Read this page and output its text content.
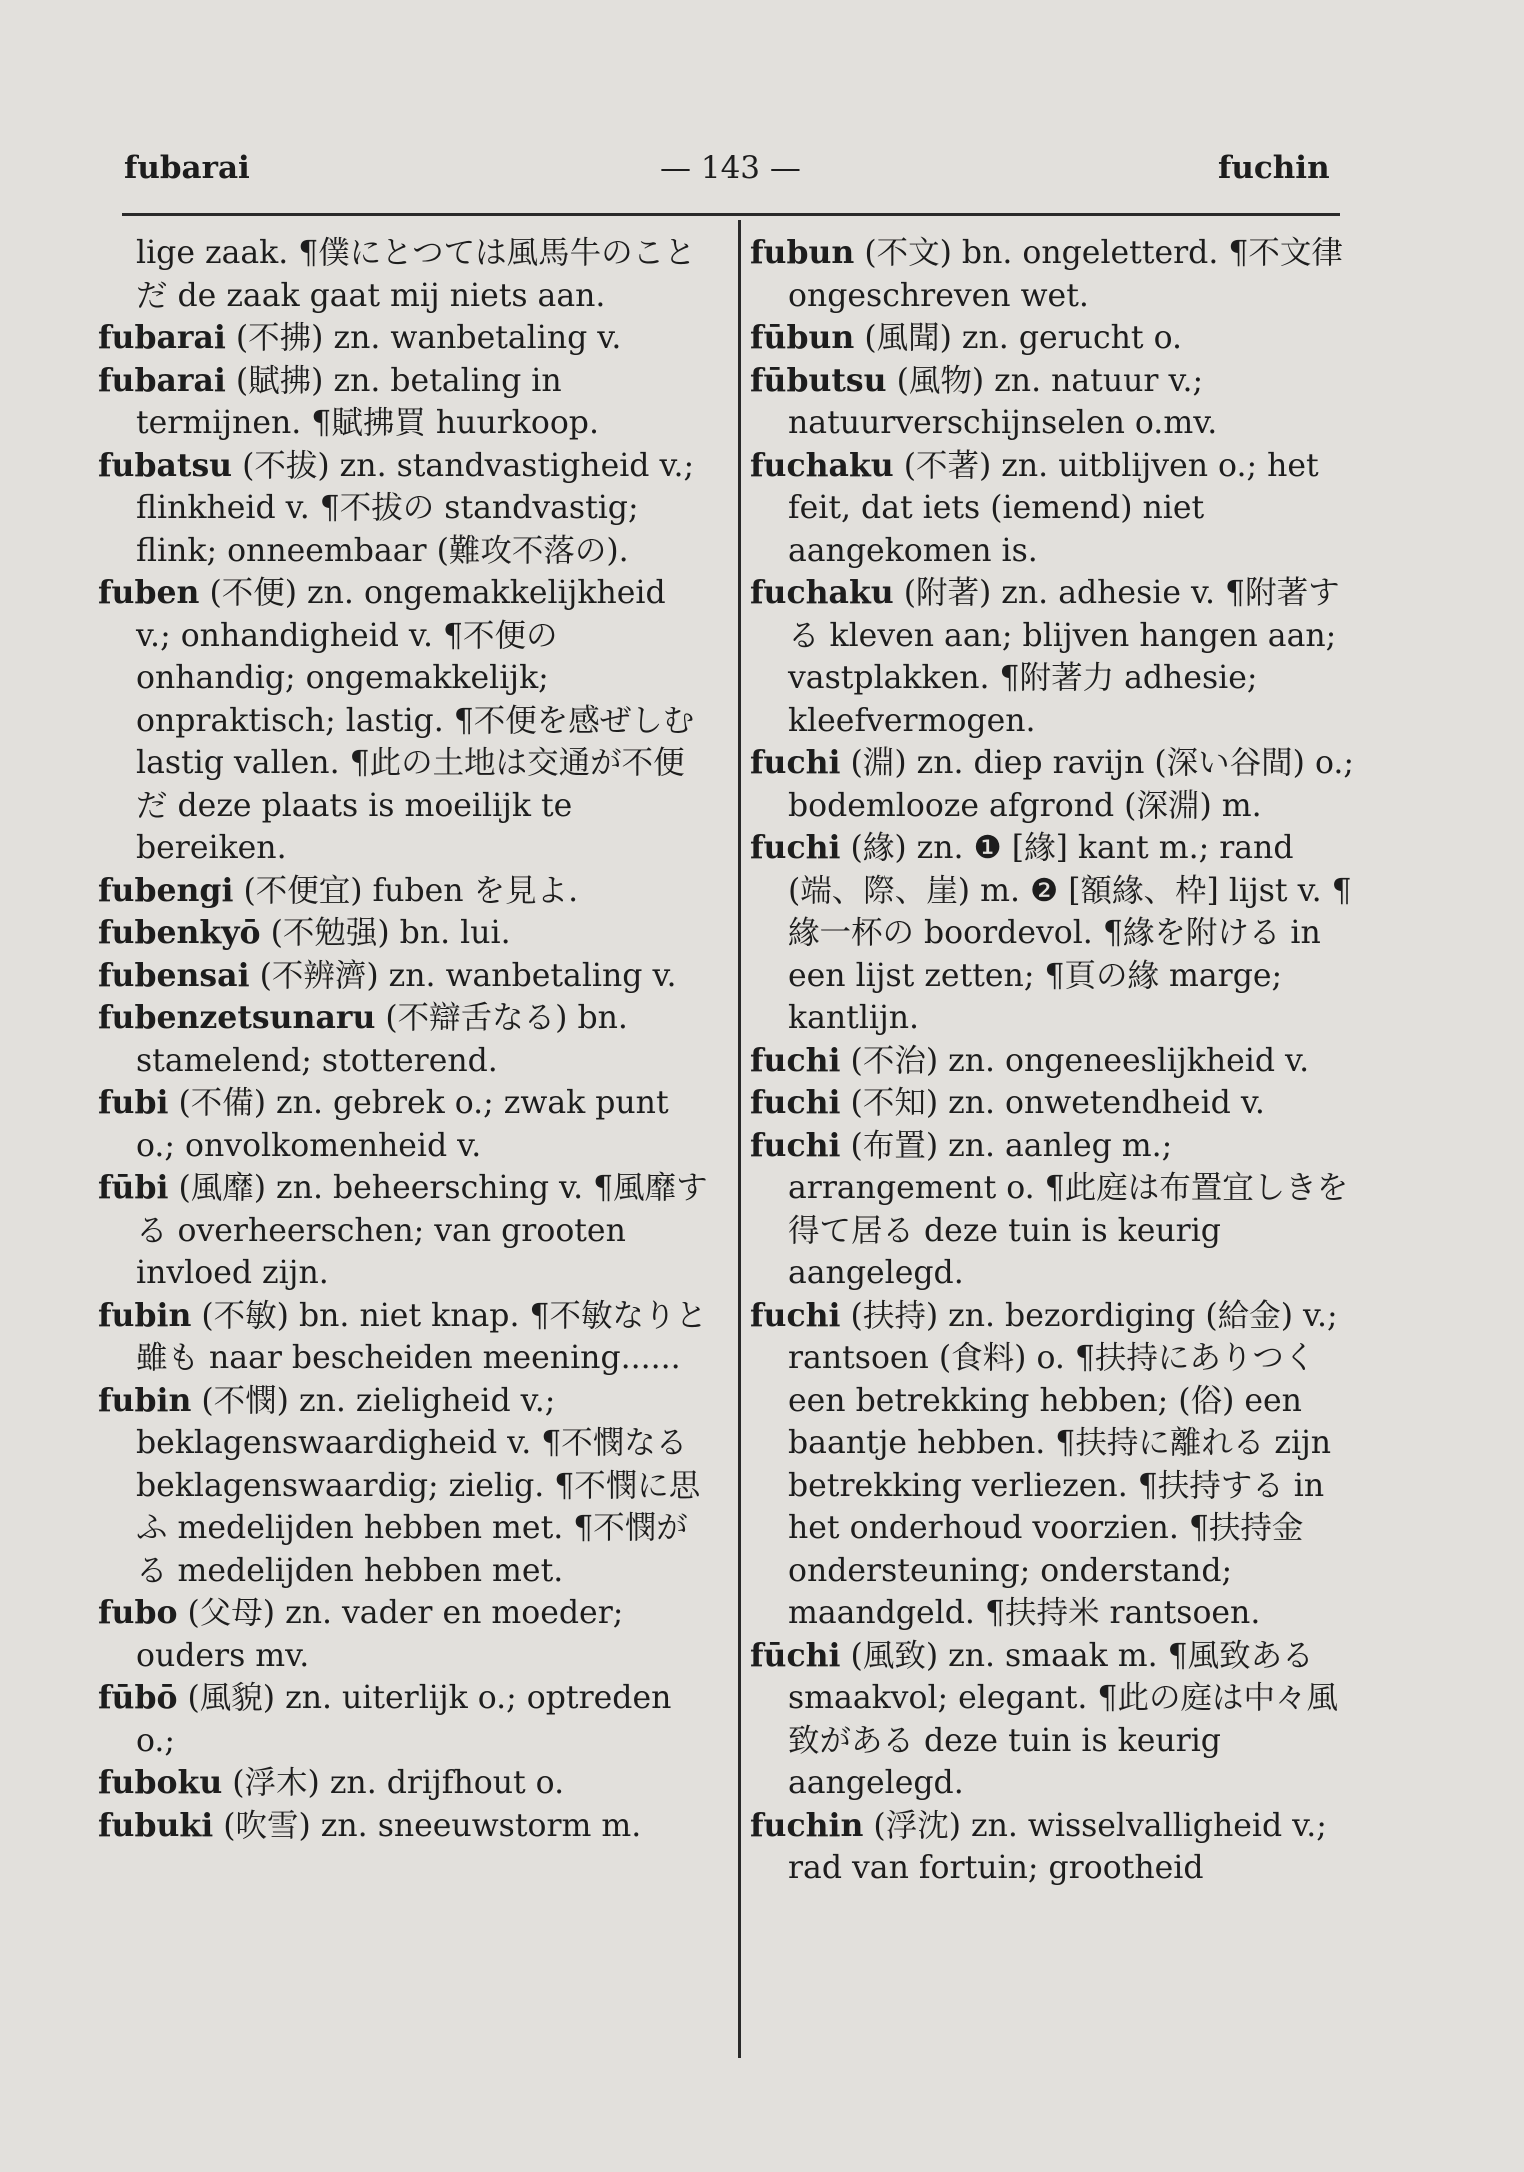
fubarai	— 143 —	fuchin

lige zaak. ¶僕にとつては風馬牛のことだ de zaak gaat mij niets aan.

fubarai (不拂) zn. wanbetaling v.

fubarai (賦拂) zn. betaling in termijnen. ¶賦拂買 huurkoop.

fubatsu (不拔) zn. standvastigheid v.; flinkheid v. ¶不拔の standvastig; flink; onneembaar (難攻不落の).

fuben (不便) zn. ongemakkelijkheid v.; onhandigheid v. ¶不便の onhandig; ongemakkelijk; onpraktisch; lastig. ¶不便を感ぜしむ lastig vallen. ¶此の土地は交通が不便だ deze plaats is moeilijk te bereiken.

fubengi (不便宜) fuben を見よ.

fubenkyō (不勉强) bn. lui.

fubensai (不辨濟) zn. wanbetaling v.

fubenzetsunaru (不辯舌なる) bn. stamelend; stotterend.

fubi (不備) zn. gebrek o.; zwak punt o.; onvolkomenheid v.

fūbi (風靡) zn. beheersching v. ¶風靡する overheerschen; van grooten invloed zijn.

fubin (不敏) bn. niet knap. ¶不敏なりと雖も naar bescheiden meening......

fubin (不憫) zn. zieligheid v.; beklagenswaardigheid v. ¶不憫なる beklagenswaardig; zielig. ¶不憫に思ふ medelijden hebben met. ¶不憫がる medelijden hebben met.

fubo (父母) zn. vader en moeder; ouders mv.

fūbō (風貌) zn. uiterlijk o.; optreden o.;

fuboku (浮木) zn. drijfhout o.

fubuki (吹雪) zn. sneeuwstorm m.

fubun (不文) bn. ongeletterd. ¶不文律 ongeschreven wet.

fūbun (風聞) zn. gerucht o.

fūbutsu (風物) zn. natuur v.; natuurverschijnselen o.mv.

fuchaku (不著) zn. uitblijven o.; het feit, dat iets (iemend) niet aangekomen is.

fuchaku (附著) zn. adhesie v. ¶附著する kleven aan; blijven hangen aan; vastplakken. ¶附著力 adhesie; kleefvermogen.

fuchi (淵) zn. diep ravijn (深い谷間) o.; bodemlooze afgrond (深淵) m.

fuchi (緣) zn. ❶ [緣] kant m.; rand (端、際、崖) m. ❷ [額緣、枠] lijst v. ¶緣一杯の boordevol. ¶緣を附ける in een lijst zetten; ¶頁の緣 marge; kantlijn.

fuchi (不治) zn. ongeneeslijkheid v.

fuchi (不知) zn. onwetendheid v.

fuchi (布置) zn. aanleg m.; arrangement o. ¶此庭は布置宜しきを得て居る deze tuin is keurig aangelegd.

fuchi (扶持) zn. bezordiging (給金) v.; rantsoen (食料) o. ¶扶持にありつく een betrekking hebben; (俗) een baantje hebben. ¶扶持に離れる zijn betrekking verliezen. ¶扶持する in het onderhoud voorzien. ¶扶持金 ondersteuning; onderstand; maandgeld. ¶扶持米 rantsoen.

fūchi (風致) zn. smaak m. ¶風致ある smaakvol; elegant. ¶此の庭は中々風致がある deze tuin is keurig aangelegd.

fuchin (浮沈) zn. wisselvalligheid v.; rad van fortuin; grootheid
